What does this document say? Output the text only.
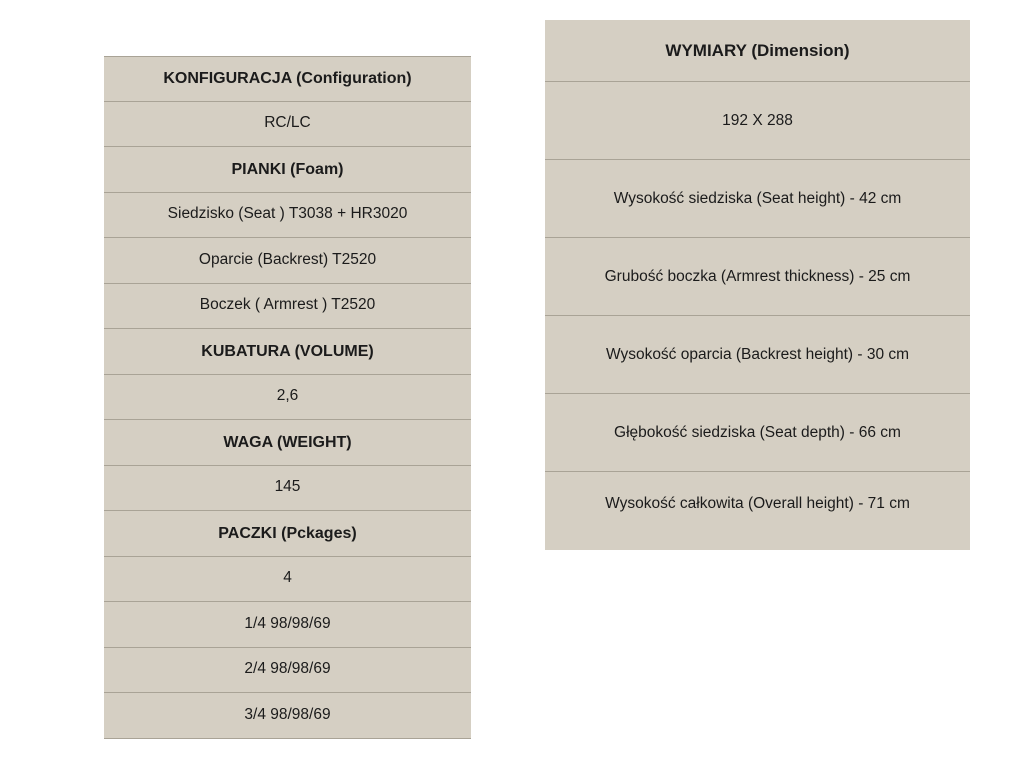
KONFIGURACJA (Configuration)
RC/LC
PIANKI (Foam)
Siedzisko (Seat ) T3038 + HR3020
Oparcie (Backrest) T2520
Boczek ( Armrest ) T2520
KUBATURA (VOLUME)
2,6
WAGA (WEIGHT)
145
PACZKI (Pckages)
4
1/4 98/98/69
2/4 98/98/69
3/4 98/98/69
WYMIARY (Dimension)
192 X 288
Wysokość siedziska (Seat height) - 42 cm
Grubość boczka (Armrest thickness) - 25 cm
Wysokość oparcia (Backrest height) - 30 cm
Głębokość siedziska (Seat depth) - 66 cm
Wysokość całkowita (Overall height) - 71 cm
